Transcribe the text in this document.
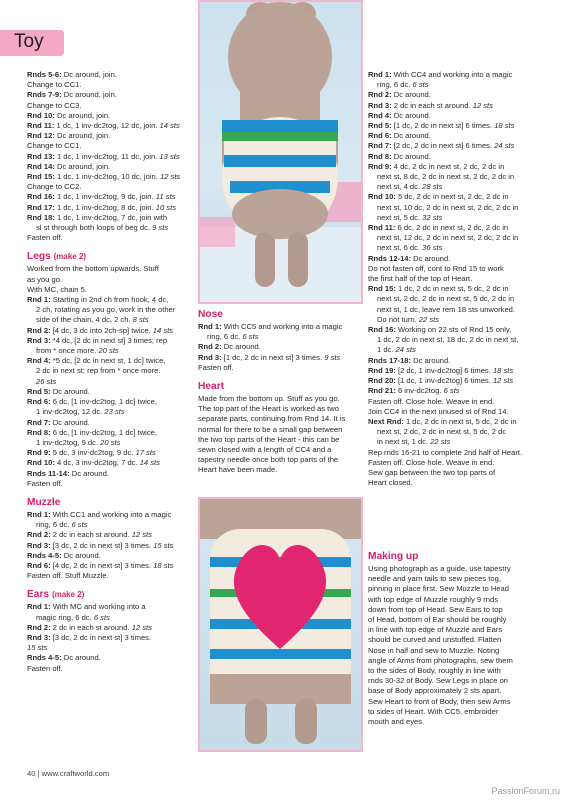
Toy
Rnds 5-6: Dc around, join.
Change to CC1.
Rnds 7-9: Dc around, join.
Change to CC3.
Rnd 10: Dc around, join.
Rnd 11: 1 dc, 1 inv-dc2tog, 12 dc, join. 14 sts
Rnd 12: Dc around, join.
Change to CC1.
Rnd 13: 1 dc, 1 inv-dc2tog, 11 dc, join. 13 sts
Rnd 14: Dc around, join.
Rnd 15: 1 dc, 1 inv-dc2tog, 10 dc, join. 12 sts
Change to CC2.
Rnd 16: 1 dc, 1 inv-dc2tog, 9 dc, join. 11 sts
Rnd 17: 1 dc, 1 inv-dc2tog, 8 dc, join. 10 sts
Rnd 18: 1 dc, 1 inv-dc2tog, 7 dc, join with
sl st through both loops of beg dc. 9 sts
Fasten off.
Legs (make 2)
Worked from the bottom upwards. Stuff
as you go.
With MC, chain 5.
Rnd 1: Starting in 2nd ch from hook, 4 dc,
2 ch, rotating as you go, work in the other
side of the chain, 4 dc, 2 ch. 8 sts
Rnd 2: [4 dc, 3 dc into 2ch-sp] twice. 14 sts
Rnd 3: *4 dc, [2 dc in next st] 3 times; rep
from * once more. 20 sts
Rnd 4: *5 dc, [2 dc in next st, 1 dc] twice,
2 dc in next st; rep from * once more.
26 sts
Rnd 5: Dc around.
Rnd 6: 6 dc, [1 inv-dc2tog, 1 dc] twice,
1 inv-dc2tog, 12 dc. 23 sts
Rnd 7: Dc around.
Rnd 8: 6 dc, [1 inv-dc2tog, 1 dc] twice,
1 inv-dc2tog, 9 dc. 20 sts
Rnd 9: 5 dc, 3 inv-dc2tog, 9 dc. 17 sts
Rnd 10: 4 dc, 3 inv-dc2tog, 7 dc. 14 sts
Rnds 11-14: Dc around.
Fasten off.
Muzzle
Rnd 1: With CC1 and working into a magic
ring, 6 dc. 6 sts
Rnd 2: 2 dc in each st around. 12 sts
Rnd 3: [3 dc, 2 dc in next st] 3 times. 15 sts
Rnds 4-5: Dc around.
Rnd 6: [4 dc, 2 dc in next st] 3 times. 18 sts
Fasten off. Stuff Muzzle.
Ears (make 2)
Rnd 1: With MC and working into a
magic ring, 6 dc. 6 sts
Rnd 2: 2 dc in each st around. 12 sts
Rnd 3: [3 dc, 2 dc in next st] 3 times.
15 sts
Rnds 4-5: Dc around.
Fasten off.
Nose
Rnd 1: With CC5 and working into a magic
ring, 6 dc. 6 sts
Rnd 2: Dc around.
Rnd 3: [1 dc, 2 dc in next st] 3 times. 9 sts
Fasten off.
Heart
Made from the bottom up. Stuff as you go.
The top part of the Heart is worked as two
separate parts, continuing from Rnd 14. It is
normal for there to be a small gap between
the two top parts of the Heart - this can be
sewn closed with a length of CC4 and a
tapestry needle once both top parts of the
Heart have been made.
Rnd 1: With CC4 and working into a magic
ring, 6 dc. 6 sts
Rnd 2: Dc around.
Rnd 3: 2 dc in each st around. 12 sts
Rnd 4: Dc around.
Rnd 5: [1 dc, 2 dc in next st] 6 times. 18 sts
Rnd 6: Dc around.
Rnd 7: [2 dc, 2 dc in next st] 6 times. 24 sts
Rnd 8: Dc around.
Rnd 9: 4 dc, 2 dc in next st, 2 dc, 2 dc in
next st, 8 dc, 2 dc in next st, 2 dc, 2 dc in
next st, 4 dc. 28 sts
Rnd 10: 5 dc, 2 dc in next st, 2 dc, 2 dc in
next st, 10 dc, 2 dc in next st, 2 dc, 2 dc in
next st, 5 dc. 32 sts
Rnd 11: 6 dc, 2 dc in next st, 2 dc, 2 dc in
next st, 12 dc, 2 dc in next st, 2 dc, 2 dc in
next st, 6 dc. 36 sts
Rnds 12-14: Dc around.
Do not fasten off, cont to Rnd 15 to work
the first half of the top of Heart.
Rnd 15: 1 dc, 2 dc in next st, 5 dc, 2 dc in
next st, 2 dc, 2 dc in next st, 5 dc, 2 dc in
next st, 1 dc, leave rem 18 sts unworked.
Do not turn. 22 sts
Rnd 16: Working on 22 sts of Rnd 15 only,
1 dc, 2 dc in next st, 18 dc, 2 dc in next st,
1 dc. 24 sts
Rnds 17-18: Dc around.
Rnd 19: [2 dc, 1 inv-dc2tog] 6 times. 18 sts
Rnd 20: [1 dc, 1 inv-dc2tog] 6 times. 12 sts
Rnd 21: 6 inv-dc2tog. 6 sts
Fasten off. Close hole. Weave in end.
Join CC4 in the next unused st of Rnd 14.
Next Rnd: 1 dc, 2 dc in next st, 5 dc, 2 dc in
next st, 2 dc, 2 dc in next st, 5 dc, 2 dc
in next st, 1 dc. 22 sts
Rep rnds 16-21 to complete 2nd half of Heart.
Fasten off. Close hole. Weave in end.
Sew gap between the two top parts of
Heart closed.
Making up
Using photograph as a guide, use tapestry
needle and yarn tails to sew pieces tog,
pinning in place first. Sew Muzzle to Head
with top edge of Muzzle roughly 9 rnds
down from top of Head. Sew Ears to top
of Head, bottom of Ear should be roughly
in line with top edge of Muzzle and Ears
should be curved and unstuffed. Flatten
Nose in half and sew to Muzzle. Noting
angle of Arms from photographs, sew them
to the sides of Body, roughly in line with
rnds 30-32 of Body. Sew Legs in place on
base of Body approximately 2 sts apart.
Sew Heart to front of Body, then sew Arms
to sides of Heart. With CC5, embroider
mouth and eyes.
40 | www.craftworld.com
PassionForum.ru
